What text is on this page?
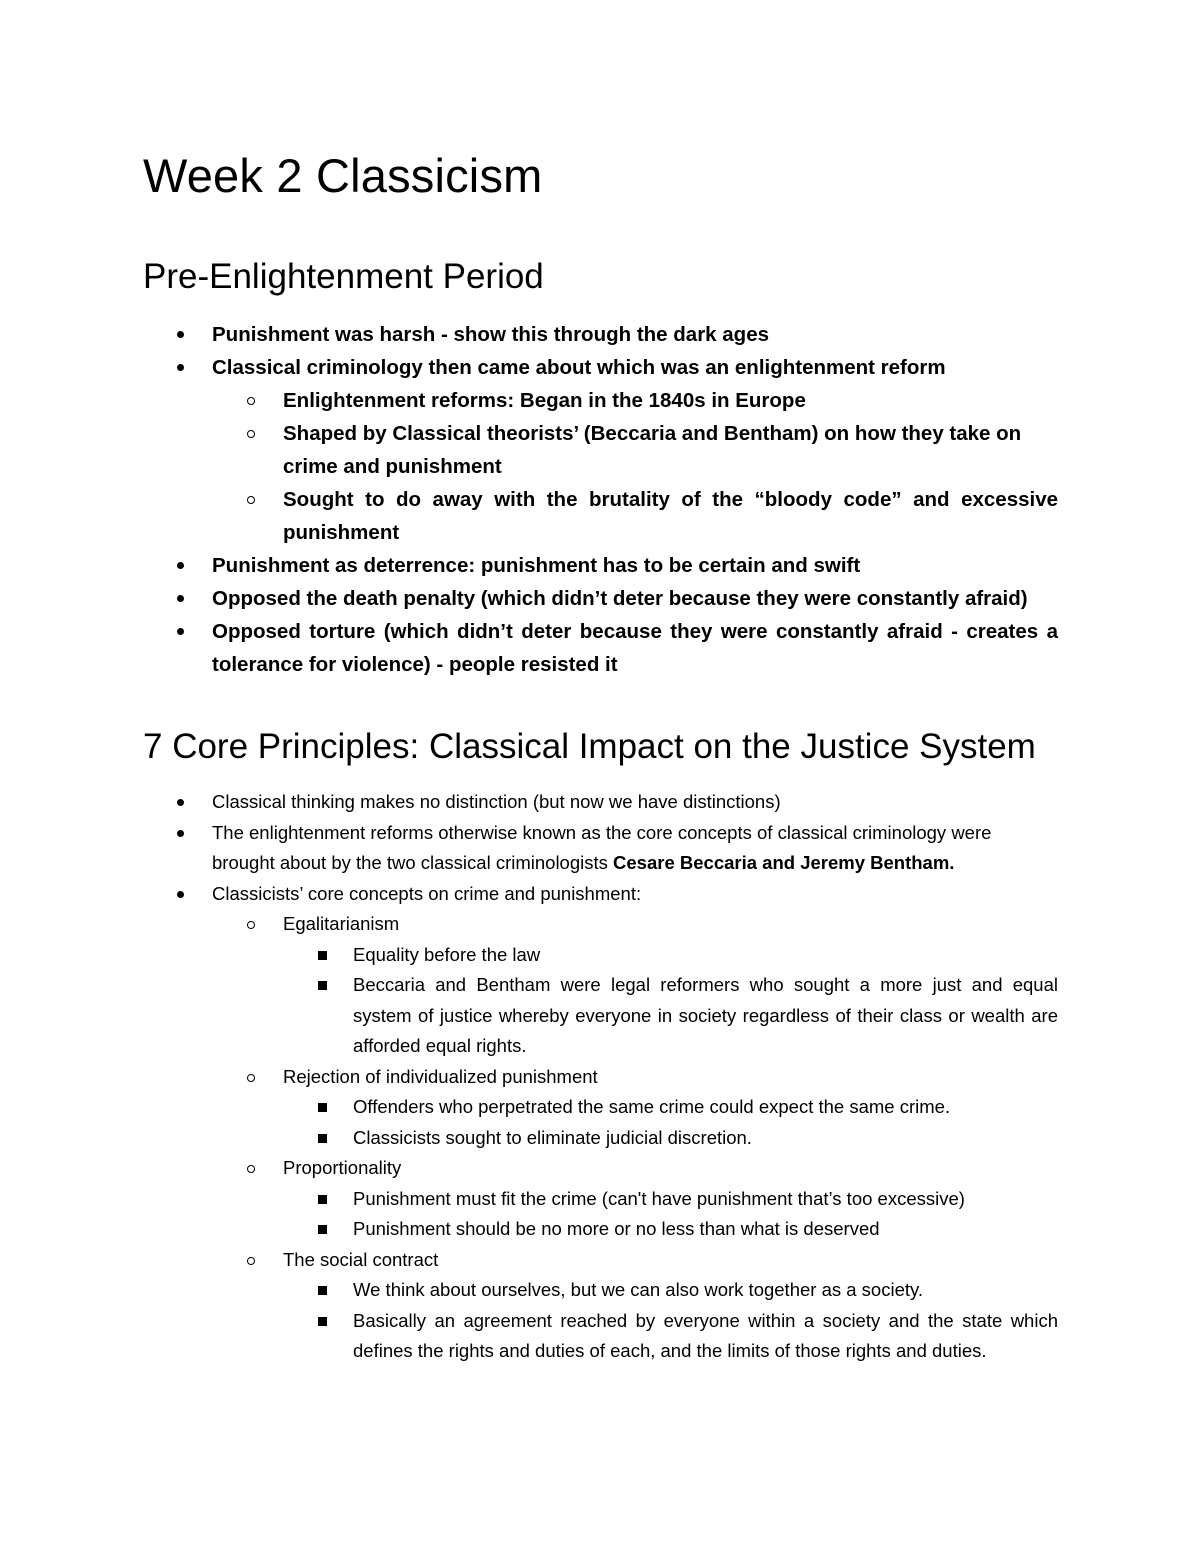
Week 2 Classicism
Pre-Enlightenment Period
Punishment was harsh - show this through the dark ages
Classical criminology then came about which was an enlightenment reform
Enlightenment reforms: Began in the 1840s in Europe
Shaped by Classical theorists’ (Beccaria and Bentham) on how they take on crime and punishment
Sought to do away with the brutality of the “bloody code” and excessive punishment
Punishment as deterrence: punishment has to be certain and swift
Opposed the death penalty (which didn’t deter because they were constantly afraid)
Opposed torture (which didn’t deter because they were constantly afraid - creates a tolerance for violence) - people resisted it
7 Core Principles: Classical Impact on the Justice System
Classical thinking makes no distinction (but now we have distinctions)
The enlightenment reforms otherwise known as the core concepts of classical criminology were brought about by the two classical criminologists Cesare Beccaria and Jeremy Bentham.
Classicists’ core concepts on crime and punishment:
Egalitarianism
Equality before the law
Beccaria and Bentham were legal reformers who sought a more just and equal system of justice whereby everyone in society regardless of their class or wealth are afforded equal rights.
Rejection of individualized punishment
Offenders who perpetrated the same crime could expect the same crime.
Classicists sought to eliminate judicial discretion.
Proportionality
Punishment must fit the crime (can't have punishment that’s too excessive)
Punishment should be no more or no less than what is deserved
The social contract
We think about ourselves, but we can also work together as a society.
Basically an agreement reached by everyone within a society and the state which defines the rights and duties of each, and the limits of those rights and duties.
